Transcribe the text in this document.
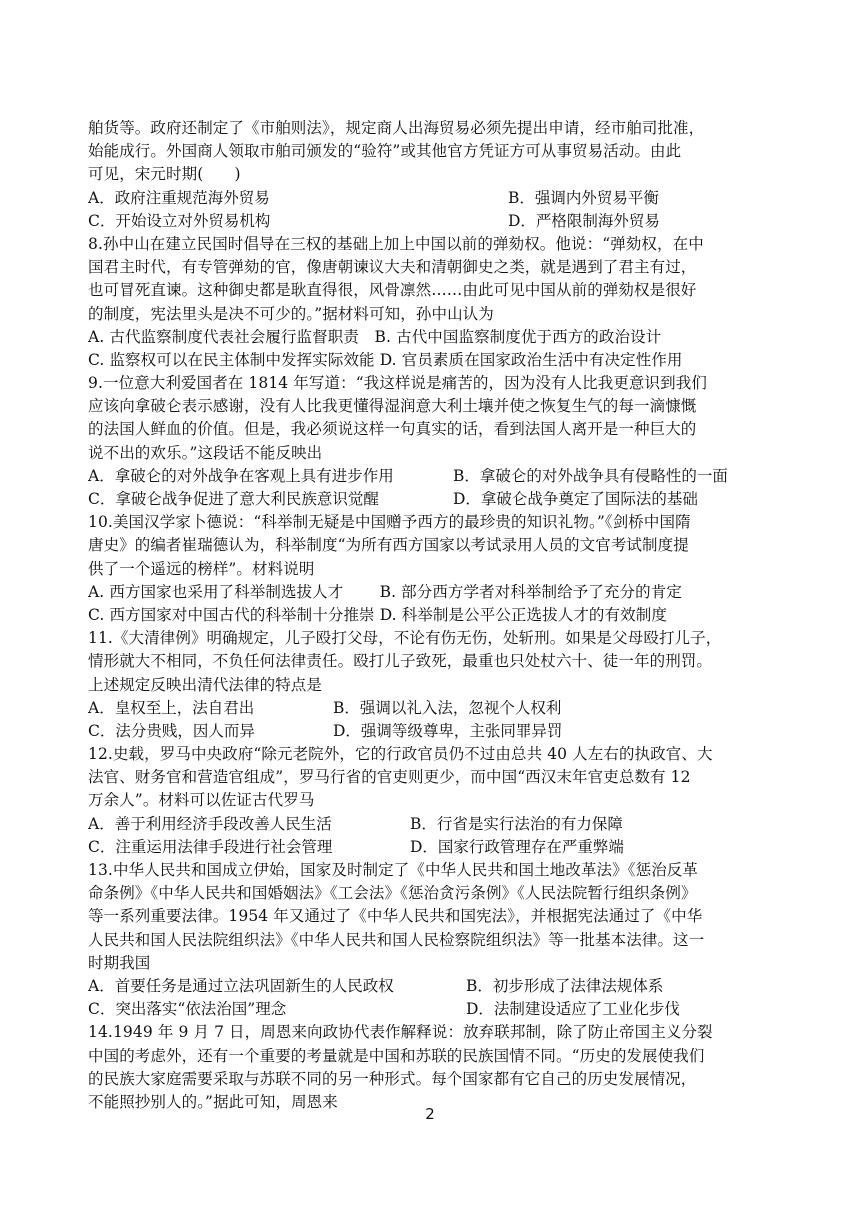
舶货等。政府还制定了《市舶则法》，规定商人出海贸易必须先提出申请，经市舶司批准，
始能成行。外国商人领取市舶司颁发的“验符”或其他官方凭证方可从事贸易活动。由此
可见，宋元时期(　　)
A．政府注重规范海外贸易	B．强调内外贸易平衡
C．开始设立对外贸易机构	D．严格限制海外贸易
8.孙中山在建立民国时倡导在三权的基础上加上中国以前的弹劾权。他说：“弹劾权，在中
国君主时代，有专管弹劾的官，像唐朝谏议大夫和清朝御史之类，就是遇到了君主有过，
也可冒死直谏。这种御史都是耿直得很，风骨凛然……由此可见中国从前的弹劾权是很好
的制度，宪法里头是决不可少的。”据材料可知，孙中山认为
A. 古代监察制度代表社会履行监督职责　B. 古代中国监察制度优于西方的政治设计
C. 监察权可以在民主体制中发挥实际效能 D. 官员素质在国家政治生活中有决定性作用
9.一位意大利爱国者在 1814 年写道：“我这样说是痛苦的，因为没有人比我更意识到我们
应该向拿破仑表示感谢，没有人比我更懂得湿润意大利土壤并使之恢复生气的每一滴慷慨
的法国人鲜血的价值。但是，我必须说这样一句真实的话，看到法国人离开是一种巨大的
说不出的欢乐。”这段话不能反映出
A．拿破仑的对外战争在客观上具有进步作用	B．拿破仑的对外战争具有侵略性的一面
C．拿破仑战争促进了意大利民族意识觉醒	D．拿破仑战争奠定了国际法的基础
10.美国汉学家卜德说：“科举制无疑是中国赠予西方的最珍贵的知识礼物。”《剑桥中国隋
唐史》的编者崔瑞德认为，科举制度“为所有西方国家以考试录用人员的文官考试制度提
供了一个遥远的榜样”。材料说明
A. 西方国家也采用了科举制选拔人才　　 B. 部分西方学者对科举制给予了充分的肯定
C. 西方国家对中国古代的科举制十分推崇 D. 科举制是公平公正选拔人才的有效制度
11.《大清律例》明确规定，儿子殴打父母，不论有伤无伤，处斩刑。如果是父母殴打儿子，
情形就大不相同，不负任何法律责任。殴打儿子致死，最重也只处杖六十、徒一年的刑罚。
上述规定反映出清代法律的特点是
A．皇权至上，法自君出	B．强调以礼入法，忽视个人权利
C．法分贵贱，因人而异	D．强调等级尊卑，主张同罪异罚
12.史载，罗马中央政府“除元老院外，它的行政官员仍不过由总共 40 人左右的执政官、大
法官、财务官和营造官组成”，罗马行省的官吏则更少，而中国“西汉末年官吏总数有 12
万余人”。材料可以佐证古代罗马
A．善于利用经济手段改善人民生活	B．行省是实行法治的有力保障
C．注重运用法律手段进行社会管理	D．国家行政管理存在严重弊端
13.中华人民共和国成立伊始，国家及时制定了《中华人民共和国土地改革法》《惩治反革
命条例》《中华人民共和国婚姻法》《工会法》《惩治贪污条例》《人民法院暂行组织条例》
等一系列重要法律。1954 年又通过了《中华人民共和国宪法》，并根据宪法通过了《中华
人民共和国人民法院组织法》《中华人民共和国人民检察院组织法》等一批基本法律。这一
时期我国
A．首要任务是通过立法巩固新生的人民政权	B．初步形成了法律法规体系
C．突出落实“依法治国”理念	D．法制建设适应了工业化步伐
14.1949 年 9 月 7 日，周恩来向政协代表作解释说：放弃联邦制，除了防止帝国主义分裂
中国的考虑外，还有一个重要的考量就是中国和苏联的民族国情不同。“历史的发展使我们
的民族大家庭需要采取与苏联不同的另一种形式。每个国家都有它自己的历史发展情况，
不能照抄别人的。”据此可知，周恩来
2
